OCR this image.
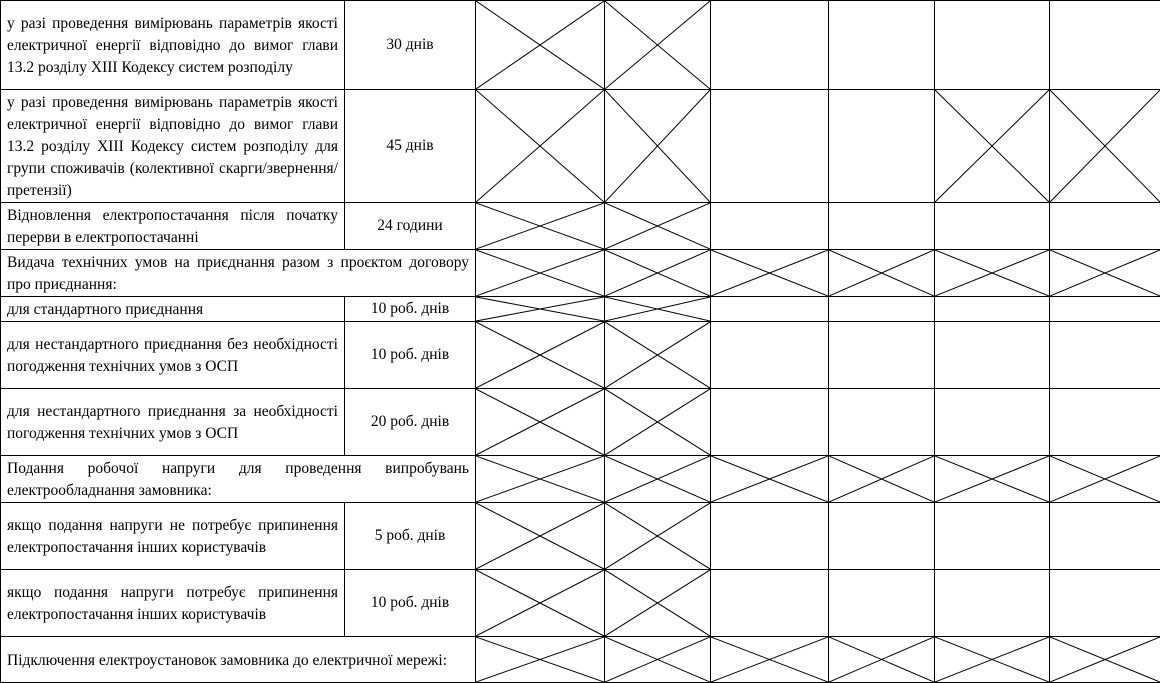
у разі проведення вимірювань параметрів якості електричної енергії відповідно до вимог глави 13.2 розділу XIII Кодексу систем розподілу	30 днів	

у разі проведення вимірювань параметрів якості електричної енергії відповідно до вимог глави 13.2 розділу XIII Кодексу систем розподілу для групи споживачів (колективної скарги/звернення/претензії)	45 днів	

Відновлення електропостачання після початку перерви в електропостачанні	24 години	

Видача технічних умов на приєднання разом з проєктом договору про приєднання:

для стандартного приєднання	10 роб. днів	

для нестандартного приєднання без необхідності погодження технічних умов з ОСП	10 роб. днів	

для нестандартного приєднання за необхідності погодження технічних умов з ОСП	20 роб. днів	

Подання робочої напруги для проведення випробувань електрообладнання замовника:

якщо подання напруги не потребує припинення електропостачання інших користувачів	5 роб. днів	

якщо подання напруги потребує припинення електропостачання інших користувачів	10 роб. днів	

Підключення електроустановок замовника до електричної мережі:
